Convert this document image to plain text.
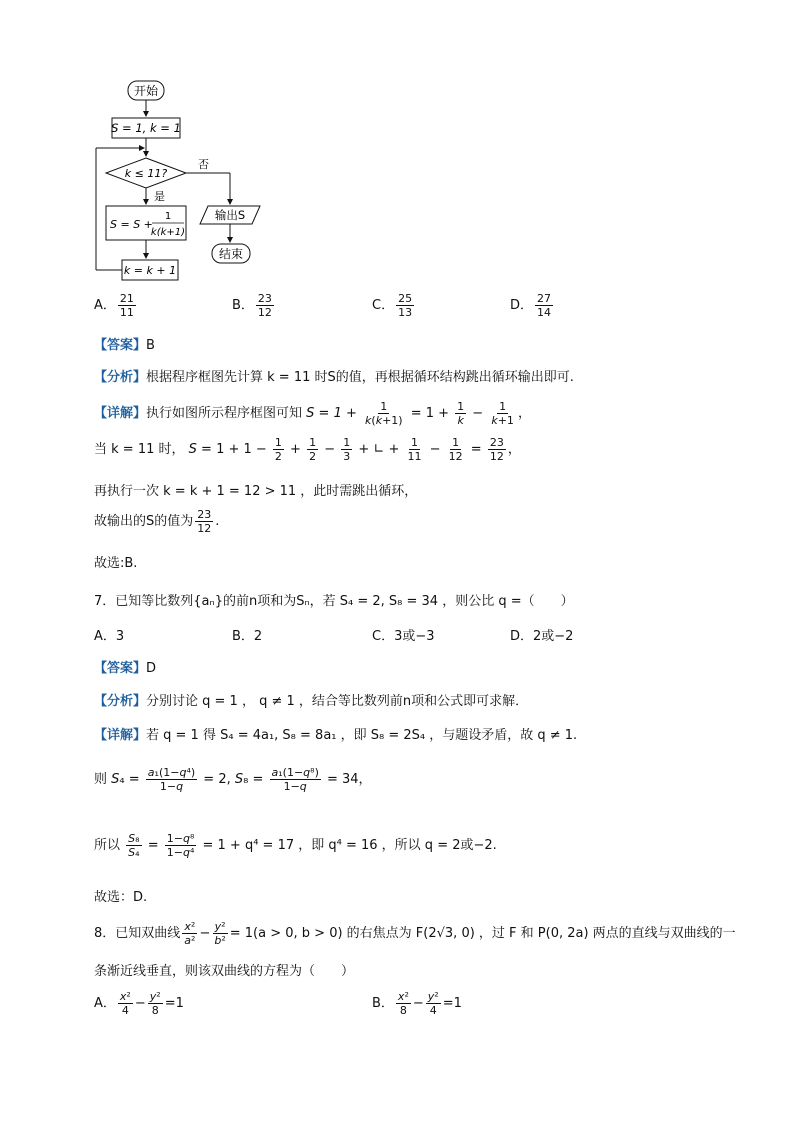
开始
S = 1, k = 1
k ≤ 11?
否
是
S = S +
1
k(k+1)
k = k + 1
输出S
结束
A． $\frac{21}{11}$	B． $\frac{23}{12}$	C． $\frac{25}{13}$	D． $\frac{27}{14}$
【答案】B
【分析】根据程序框图先计算 k = 11 时S的值，再根据循环结构跳出循环输出即可.
【详解】执行如图所示程序框图可知 $S = 1 + \frac{1}{k(k+1)} = 1 + \frac{1}{k} - \frac{1}{k+1}$ ，
当 k = 11 时， $S = 1 + 1 - \frac{1}{2} + \frac{1}{2} - \frac{1}{3}$ + ∟ + $\frac{1}{11} - \frac{1}{12} = \frac{23}{12}$ ，
再执行一次 k = k + 1 = 12 > 11 ，此时需跳出循环，
故输出的S的值为 $\frac{23}{12}$ .
故选:B.
7．已知等比数列{aₙ}的前n项和为Sₙ，若 S₄ = 2, S₈ = 34 ，则公比 q =（　　）
A．3	B．2	C．3或−3	D．2或−2
【答案】D
【分析】分别讨论 q = 1 ， q ≠ 1 ，结合等比数列前n项和公式即可求解．
【详解】若 q = 1 得 S₄ = 4a₁, S₈ = 8a₁ ，即 S₈ = 2S₄ ，与题设矛盾，故 q ≠ 1.
则 $S_4 = \frac{\text{a₁(1−q⁴)}}{1-q} = 2$, $S_8 = \frac{\text{a₁(1−q⁸)}}{1-q} = 34$，
所以 $\frac{\text{S₈}}{\text{S₄}} = \frac{\text{1−q⁸}}{\text{1−q⁴}} = 1 + q^4 = 17$ ，即 q⁴ = 16 ，所以 q = 2或−2.
故选：D.
8．已知双曲线 $\frac{\text{x²}}{\text{a²}} - \frac{\text{y²}}{\text{b²}} = 1(a > 0$, b > 0) 的右焦点为 F(2√3, 0) ，过 F 和 P(0, 2a) 两点的直线与双曲线的一
条渐近线垂直，则该双曲线的方程为（　　）
A． $\frac{\text{x²}}{4} - \frac{\text{y²}}{8} =1$	B． $\frac{\text{x²}}{8} - \frac{\text{y²}}{4} =1$
